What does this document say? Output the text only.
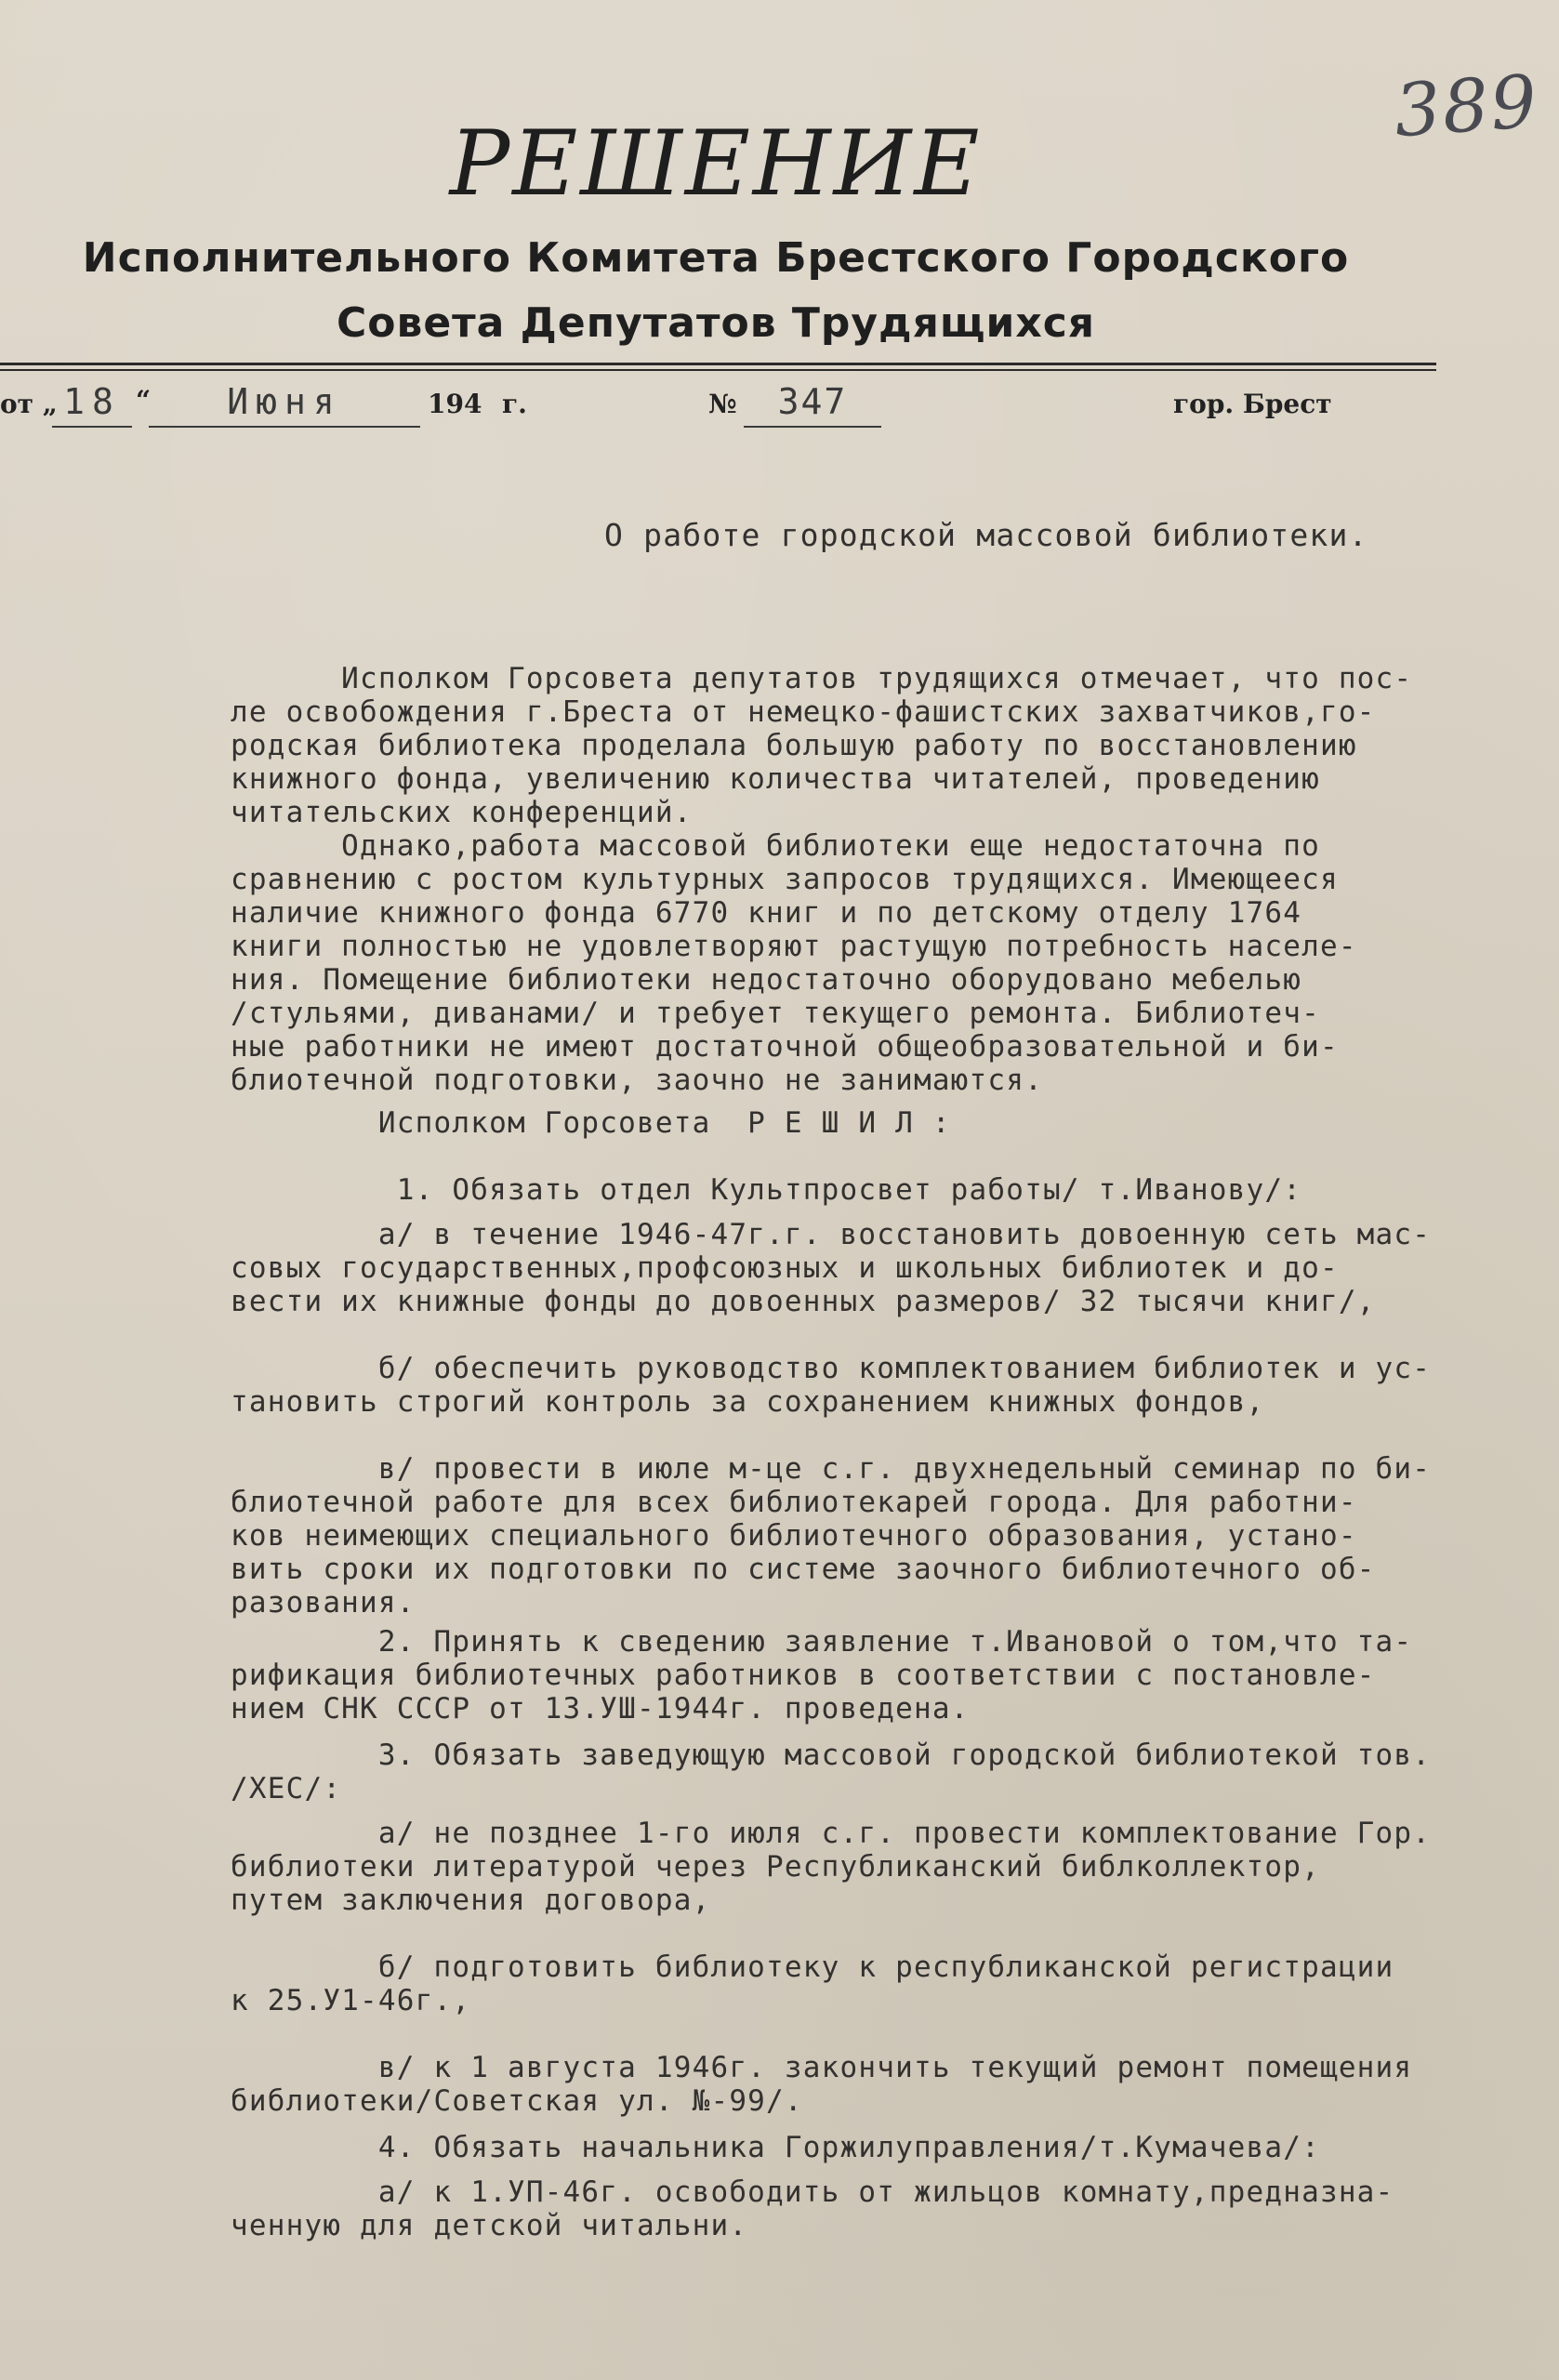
389
РЕШЕНИЕ
Исполнительного Комитета Брестского Городского
Совета Депутатов Трудящихся
от „ 18 “	Июня	194 г.	№	347	гор. Брест
О работе городской массовой библиотеки.
Исполком Горсовета депутатов трудящихся отмечает, что пос-
ле освобождения г.Бреста от немецко-фашистских захватчиков,го-
родская библиотека проделала большую работу по восстановлению
книжного фонда, увеличению количества читателей, проведению
читательских конференций.
Однако,работа массовой библиотеки еще недостаточна по
сравнению с ростом культурных запросов трудящихся. Имеющееся
наличие книжного фонда 6770 книг и по детскому отделу 1764
книги полностью не удовлетворяют растущую потребность населе-
ния. Помещение библиотеки недостаточно оборудовано мебелью
/стульями, диванами/ и требует текущего ремонта. Библиотеч-
ные работники не имеют достаточной общеобразовательной и би-
блиотечной подготовки, заочно не занимаются.
Исполком Горсовета  Р Е Ш И Л :
1. Обязать отдел Культпросвет работы/ т.Иванову/:
а/ в течение 1946-47г.г. восстановить довоенную сеть мас-
совых государственных,профсоюзных и школьных библиотек и до-
вести их книжные фонды до довоенных размеров/ 32 тысячи книг/,
б/ обеспечить руководство комплектованием библиотек и ус-
тановить строгий контроль за сохранением книжных фондов,
в/ провести в июле м-це с.г. двухнедельный семинар по би-
блиотечной работе для всех библиотекарей города. Для работни-
ков неимеющих специального библиотечного образования, устано-
вить сроки их подготовки по системе заочного библиотечного об-
разования.
2. Принять к сведению заявление т.Ивановой о том,что та-
рификация библиотечных работников в соответствии с постановле-
нием СНК СССР от 13.УШ-1944г. проведена.
3. Обязать заведующую массовой городской библиотекой тов.
/ХЕС/:
а/ не позднее 1-го июля с.г. провести комплектование Гор.
библиотеки литературой через Республиканский библколлектор,
путем заключения договора,
б/ подготовить библиотеку к республиканской регистрации
к 25.У1-46г.,
в/ к 1 августа 1946г. закончить текущий ремонт помещения
библиотеки/Советская ул. №-99/.
4. Обязать начальника Горжилуправления/т.Кумачева/:
а/ к 1.УП-46г. освободить от жильцов комнату,предназна-
ченную для детской читальни.
